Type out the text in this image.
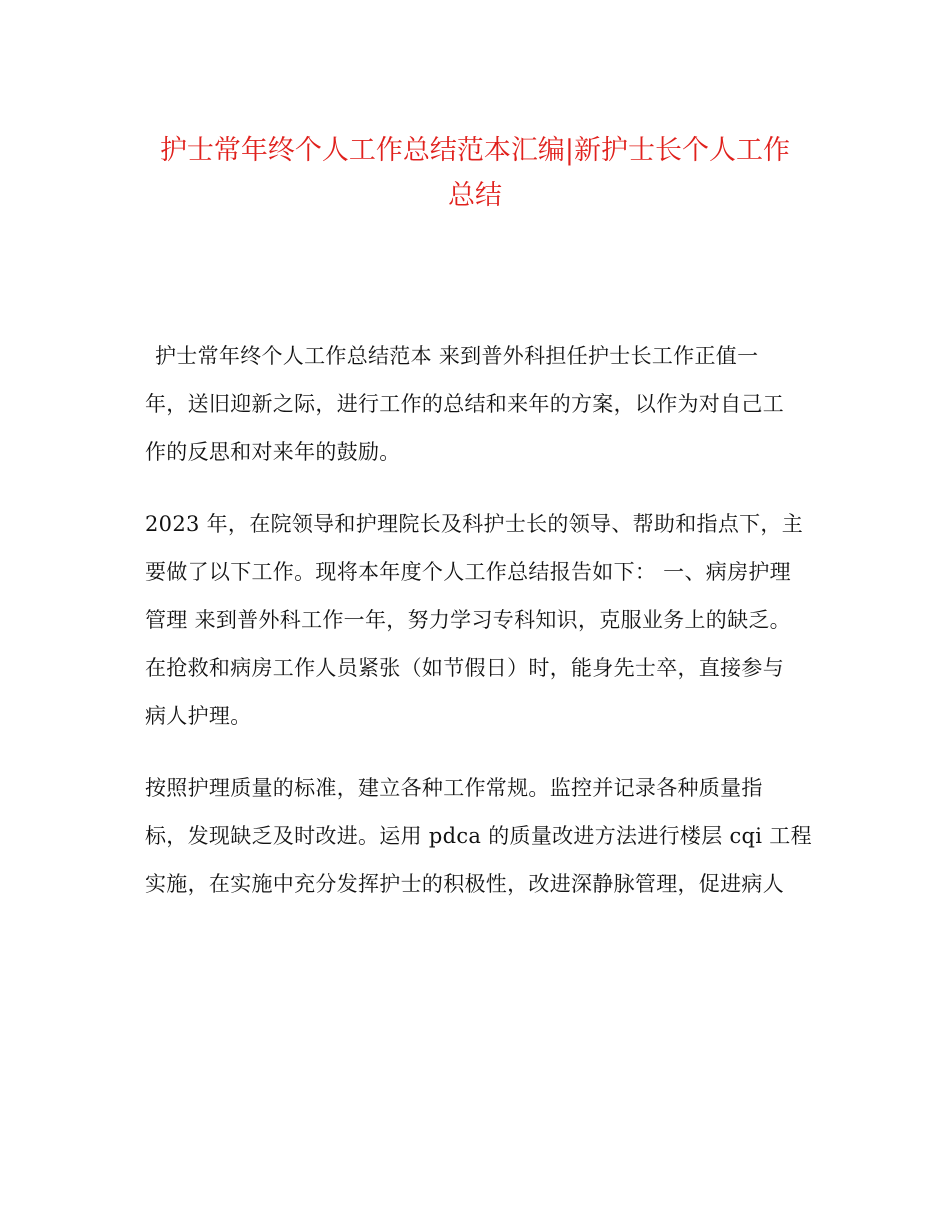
护士常年终个人工作总结范本汇编|新护士长个人工作
总结
护士常年终个人工作总结范本 来到普外科担任护士长工作正值一
年，送旧迎新之际，进行工作的总结和来年的方案，以作为对自己工
作的反思和对来年的鼓励。
2023 年，在院领导和护理院长及科护士长的领导、帮助和指点下，主
要做了以下工作。现将本年度个人工作总结报告如下： 一、病房护理
管理 来到普外科工作一年，努力学习专科知识，克服业务上的缺乏。
在抢救和病房工作人员紧张（如节假日）时，能身先士卒，直接参与
病人护理。
按照护理质量的标准，建立各种工作常规。监控并记录各种质量指
标，发现缺乏及时改进。运用 pdca 的质量改进方法进行楼层 cqi 工程
实施，在实施中充分发挥护士的积极性，改进深静脉管理，促进病人
